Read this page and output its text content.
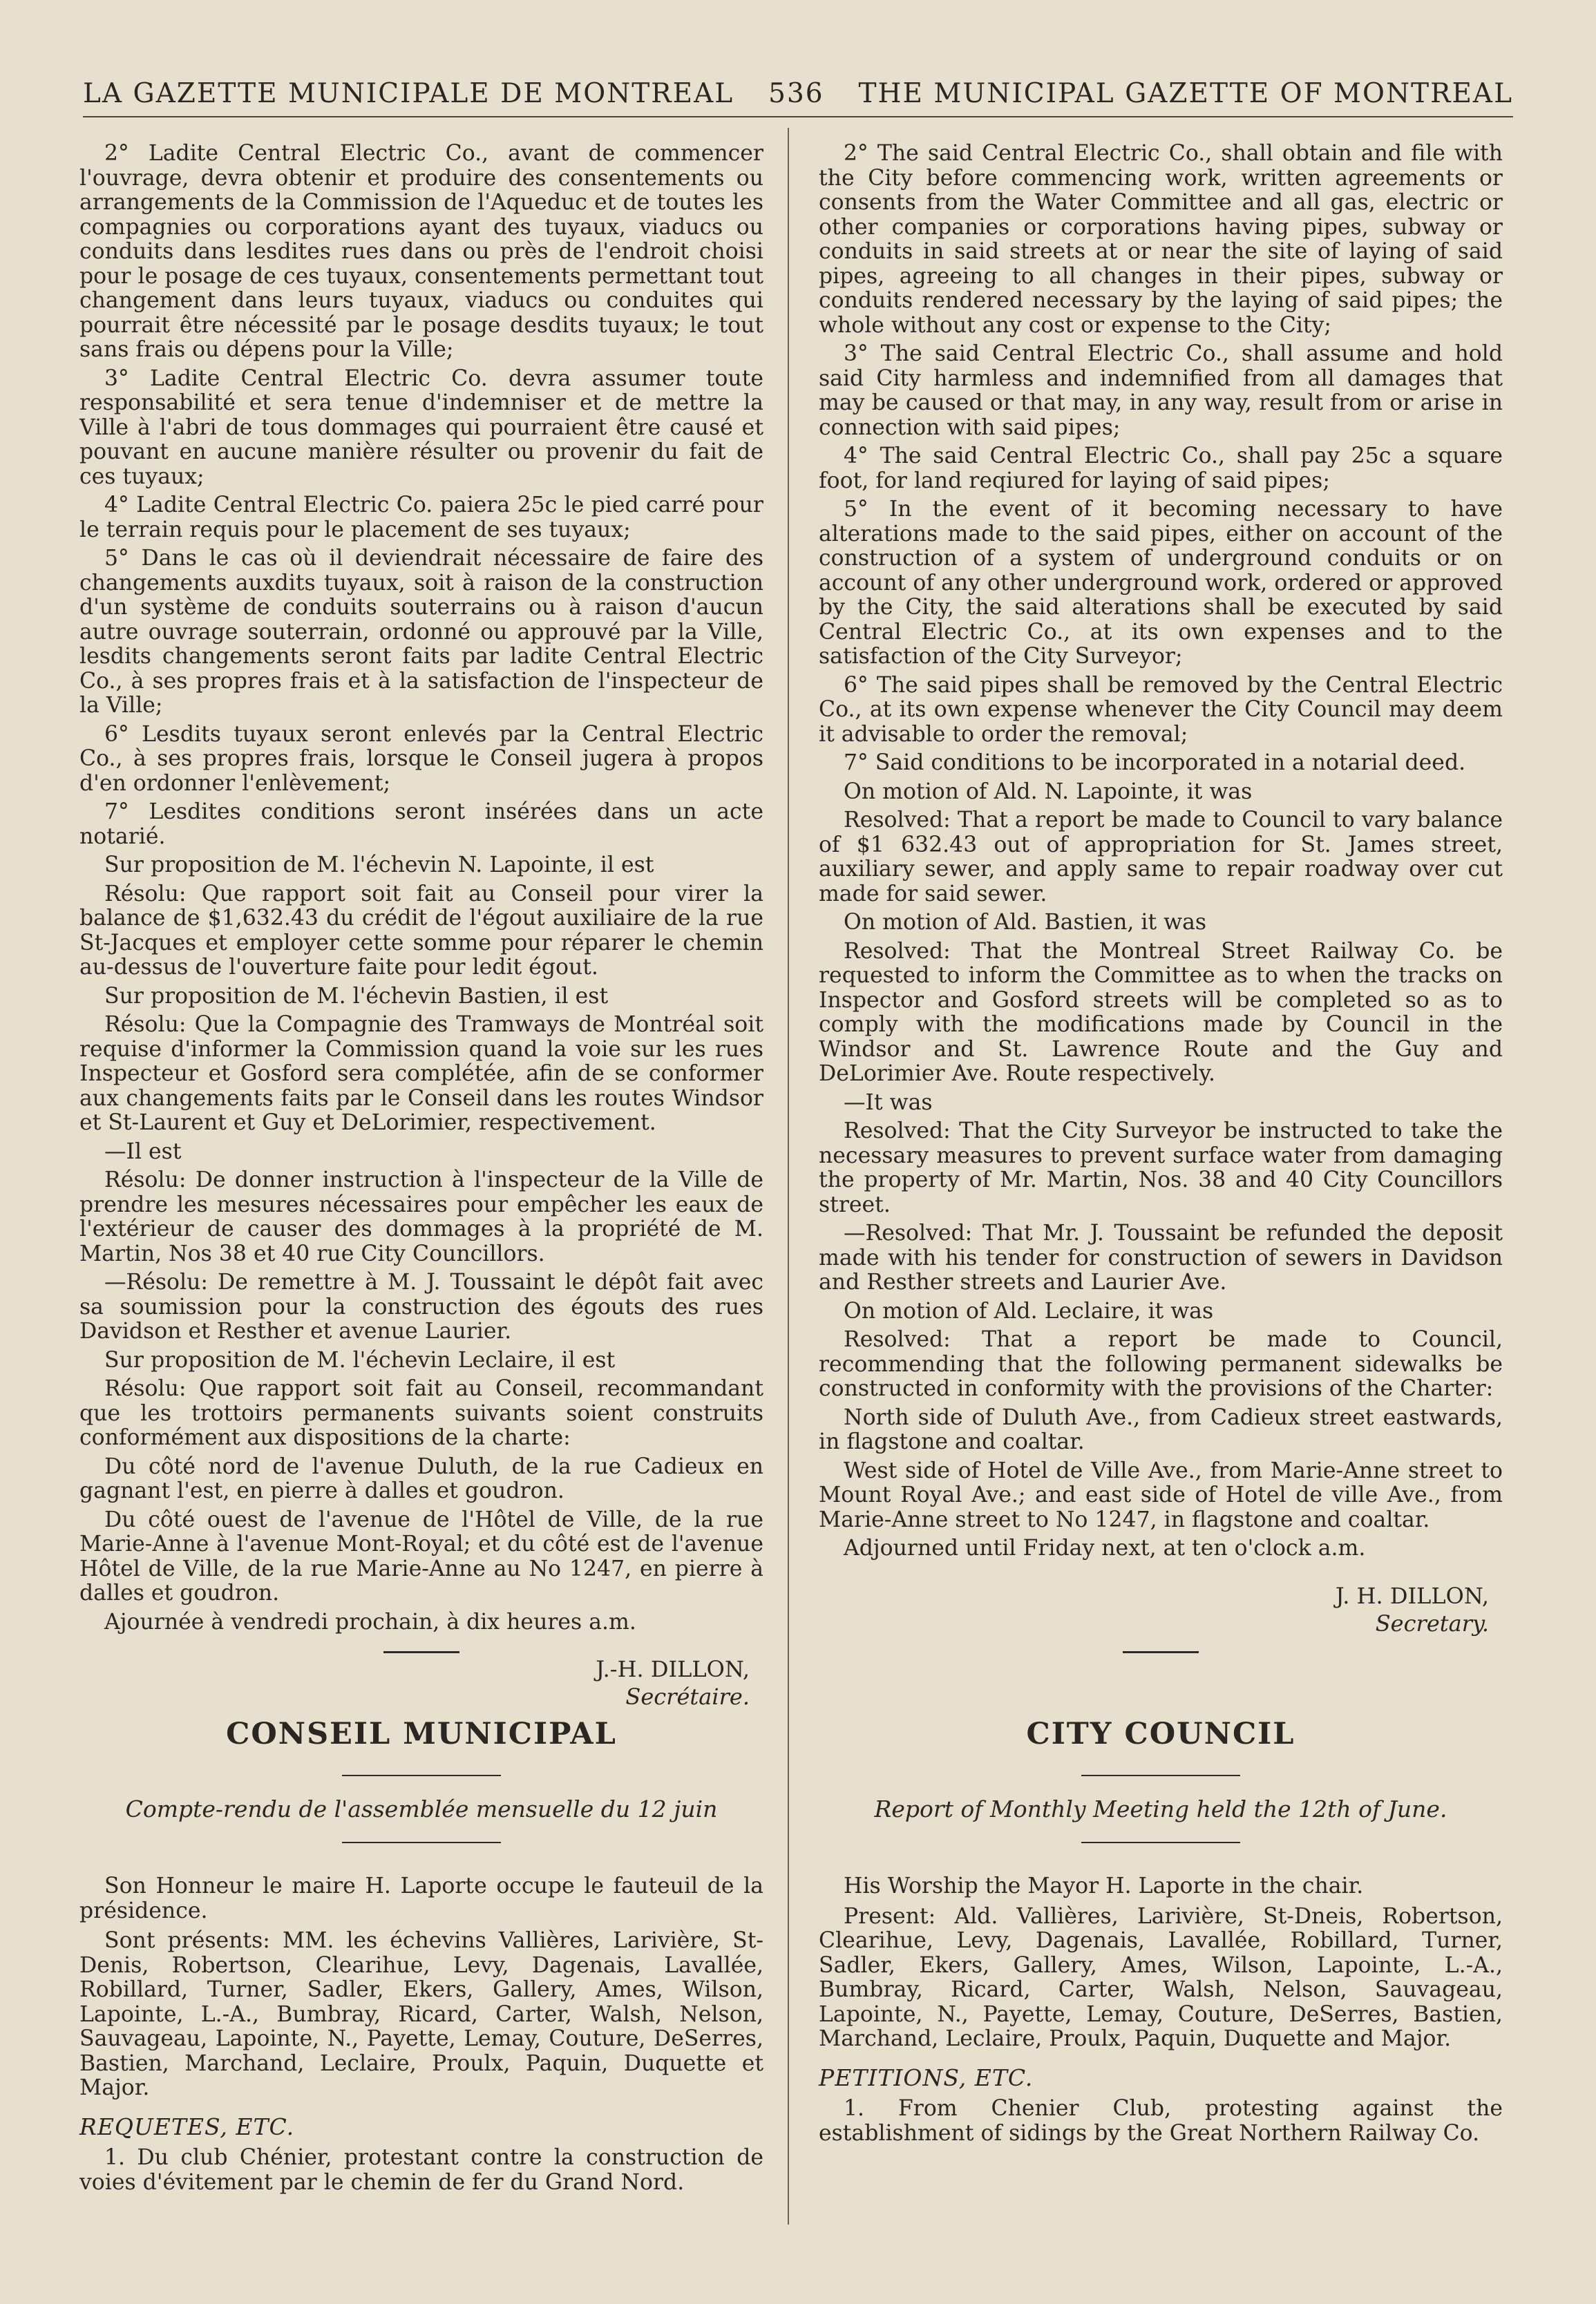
LA GAZETTE MUNICIPALE DE MONTREAL 536 THE MUNICIPAL GAZETTE OF MONTREAL

2° Ladite Central Electric Co., avant de commencer l'ouvrage, devra obtenir et produire des consentements ou arrangements de la Commission de l'Aqueduc et de toutes les compagnies ou corporations ayant des tuyaux, viaducs ou conduits dans lesdites rues dans ou près de l'endroit choisi pour le posage de ces tuyaux, consentements permettant tout changement dans leurs tuyaux, viaducs ou conduites qui pourrait être nécessité par le posage desdits tuyaux; le tout sans frais ou dépens pour la Ville;

3° Ladite Central Electric Co. devra assumer toute responsabilité et sera tenue d'indemniser et de mettre la Ville à l'abri de tous dommages qui pourraient être causé et pouvant en aucune manière résulter ou provenir du fait de ces tuyaux;

4° Ladite Central Electric Co. paiera 25c le pied carré pour le terrain requis pour le placement de ses tuyaux;

5° Dans le cas où il deviendrait nécessaire de faire des changements auxdits tuyaux, soit à raison de la construction d'un système de conduits souterrains ou à raison d'aucun autre ouvrage souterrain, ordonné ou approuvé par la Ville, lesdits changements seront faits par ladite Central Electric Co., à ses propres frais et à la satisfaction de l'inspecteur de la Ville;

6° Lesdits tuyaux seront enlevés par la Central Electric Co., à ses propres frais, lorsque le Conseil jugera à propos d'en ordonner l'enlèvement;

7° Lesdites conditions seront insérées dans un acte notarié.

Sur proposition de M. l'échevin N. Lapointe, il est

Résolu: Que rapport soit fait au Conseil pour virer la balance de $1,632.43 du crédit de l'égout auxiliaire de la rue St-Jacques et employer cette somme pour réparer le chemin au-dessus de l'ouverture faite pour ledit égout.

Sur proposition de M. l'échevin Bastien, il est

Résolu: Que la Compagnie des Tramways de Montréal soit requise d'informer la Commission quand la voie sur les rues Inspecteur et Gosford sera complétée, afin de se conformer aux changements faits par le Conseil dans les routes Windsor et St-Laurent et Guy et DeLorimier, respectivement.

—Il est

Résolu: De donner instruction à l'inspecteur de la Ville de prendre les mesures nécessaires pour empêcher les eaux de l'extérieur de causer des dommages à la propriété de M. Martin, Nos 38 et 40 rue City Councillors.

—Résolu: De remettre à M. J. Toussaint le dépôt fait avec sa soumission pour la construction des égouts des rues Davidson et Resther et avenue Laurier.

Sur proposition de M. l'échevin Leclaire, il est

Résolu: Que rapport soit fait au Conseil, recommandant que les trottoirs permanents suivants soient construits conformément aux dispositions de la charte:

Du côté nord de l'avenue Duluth, de la rue Cadieux en gagnant l'est, en pierre à dalles et goudron.

Du côté ouest de l'avenue de l'Hôtel de Ville, de la rue Marie-Anne à l'avenue Mont-Royal; et du côté est de l'avenue Hôtel de Ville, de la rue Marie-Anne au No 1247, en pierre à dalles et goudron.

Ajournée à vendredi prochain, à dix heures a.m.

J.-H. DILLON,
Secrétaire.

2° The said Central Electric Co., shall obtain and file with the City before commencing work, written agreements or consents from the Water Committee and all gas, electric or other companies or corporations having pipes, subway or conduits in said streets at or near the site of laying of said pipes, agreeing to all changes in their pipes, subway or conduits rendered necessary by the laying of said pipes; the whole without any cost or expense to the City;

3° The said Central Electric Co., shall assume and hold said City harmless and indemnified from all damages that may be caused or that may, in any way, result from or arise in connection with said pipes;

4° The said Central Electric Co., shall pay 25c a square foot, for land reqiured for laying of said pipes;

5° In the event of it becoming necessary to have alterations made to the said pipes, either on account of the construction of a system of underground conduits or on account of any other underground work, ordered or approved by the City, the said alterations shall be executed by said Central Electric Co., at its own expenses and to the satisfaction of the City Surveyor;

6° The said pipes shall be removed by the Central Electric Co., at its own expense whenever the City Council may deem it advisable to order the removal;

7° Said conditions to be incorporated in a notarial deed.

On motion of Ald. N. Lapointe, it was

Resolved: That a report be made to Council to vary balance of $1 632.43 out of appropriation for St. James street, auxiliary sewer, and apply same to repair roadway over cut made for said sewer.

On motion of Ald. Bastien, it was

Resolved: That the Montreal Street Railway Co. be requested to inform the Committee as to when the tracks on Inspector and Gosford streets will be completed so as to comply with the modifications made by Council in the Windsor and St. Lawrence Route and the Guy and DeLorimier Ave. Route respectively.

—It was

Resolved: That the City Surveyor be instructed to take the necessary measures to prevent surface water from damaging the property of Mr. Martin, Nos. 38 and 40 City Councillors street.

—Resolved: That Mr. J. Toussaint be refunded the deposit made with his tender for construction of sewers in Davidson and Resther streets and Laurier Ave.

On motion of Ald. Leclaire, it was

Resolved: That a report be made to Council, recommending that the following permanent sidewalks be constructed in conformity with the provisions of the Charter:

North side of Duluth Ave., from Cadieux street eastwards, in flagstone and coaltar.

West side of Hotel de Ville Ave., from Marie-Anne street to Mount Royal Ave.; and east side of Hotel de ville Ave., from Marie-Anne street to No 1247, in flagstone and coaltar.

Adjourned until Friday next, at ten o'clock a.m.

J. H. DILLON,
Secretary.
CONSEIL MUNICIPAL
Compte-rendu de l'assemblée mensuelle du 12 juin

Son Honneur le maire H. Laporte occupe le fauteuil de la présidence.

Sont présents: MM. les échevins Vallières, Larivière, St-Denis, Robertson, Clearihue, Levy, Dagenais, Lavallée, Robillard, Turner, Sadler, Ekers, Gallery, Ames, Wilson, Lapointe, L.-A., Bumbray, Ricard, Carter, Walsh, Nelson, Sauvageau, Lapointe, N., Payette, Lemay, Couture, DeSerres, Bastien, Marchand, Leclaire, Proulx, Paquin, Duquette et Major.

REQUETES, ETC.

1. Du club Chénier, protestant contre la construction de voies d'évitement par le chemin de fer du Grand Nord.

CITY COUNCIL
Report of Monthly Meeting held the 12th of June.

His Worship the Mayor H. Laporte in the chair.

Present: Ald. Vallières, Larivière, St-Dneis, Robertson, Clearihue, Levy, Dagenais, Lavallée, Robillard, Turner, Sadler, Ekers, Gallery, Ames, Wilson, Lapointe, L.-A., Bumbray, Ricard, Carter, Walsh, Nelson, Sauvageau, Lapointe, N., Payette, Lemay, Couture, DeSerres, Bastien, Marchand, Leclaire, Proulx, Paquin, Duquette and Major.

PETITIONS, ETC.

1. From Chenier Club, protesting against the establishment of sidings by the Great Northern Railway Co.
